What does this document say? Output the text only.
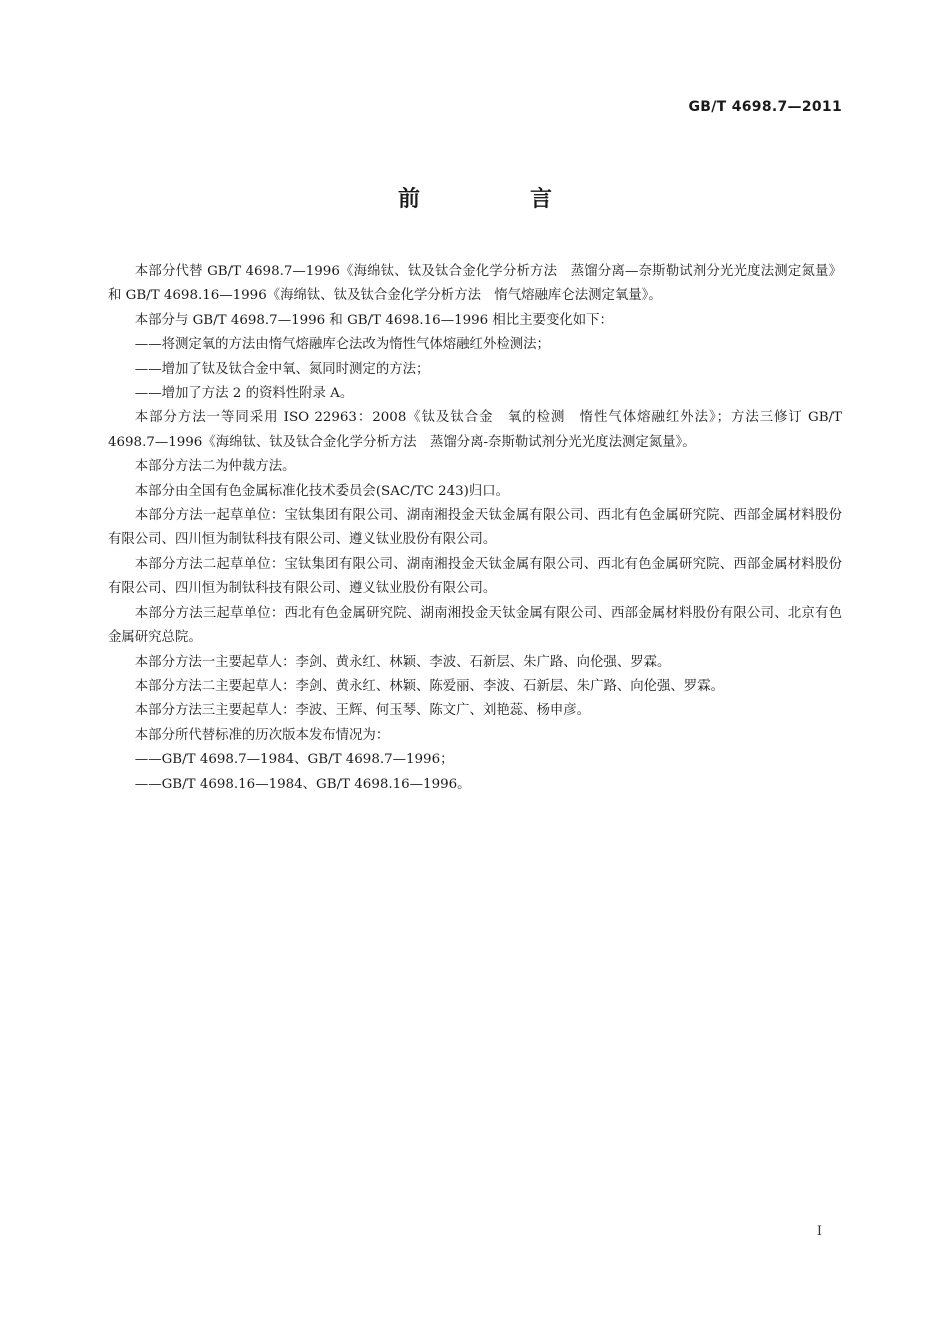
GB/T 4698.7—2011
前　言

本部分代替 GB/T 4698.7—1996《海绵钛、钛及钛合金化学分析方法　蒸馏分离—奈斯勒试剂分光光度法测定氮量》和 GB/T 4698.16—1996《海绵钛、钛及钛合金化学分析方法　惰气熔融库仑法测定氧量》。

本部分与 GB/T 4698.7—1996 和 GB/T 4698.16—1996 相比主要变化如下：

——将测定氧的方法由惰气熔融库仑法改为惰性气体熔融红外检测法；

——增加了钛及钛合金中氧、氮同时测定的方法；

——增加了方法 2 的资料性附录 A。

本部分方法一等同采用 ISO 22963：2008《钛及钛合金　氧的检测　惰性气体熔融红外法》；方法三修订 GB/T 4698.7—1996《海绵钛、钛及钛合金化学分析方法　蒸馏分离-奈斯勒试剂分光光度法测定氮量》。

本部分方法二为仲裁方法。

本部分由全国有色金属标准化技术委员会(SAC/TC 243)归口。

本部分方法一起草单位：宝钛集团有限公司、湖南湘投金天钛金属有限公司、西北有色金属研究院、西部金属材料股份有限公司、四川恒为制钛科技有限公司、遵义钛业股份有限公司。

本部分方法二起草单位：宝钛集团有限公司、湖南湘投金天钛金属有限公司、西北有色金属研究院、西部金属材料股份有限公司、四川恒为制钛科技有限公司、遵义钛业股份有限公司。

本部分方法三起草单位：西北有色金属研究院、湖南湘投金天钛金属有限公司、西部金属材料股份有限公司、北京有色金属研究总院。

本部分方法一主要起草人：李剑、黄永红、林颖、李波、石新层、朱广路、向伦强、罗霖。

本部分方法二主要起草人：李剑、黄永红、林颖、陈爱丽、李波、石新层、朱广路、向伦强、罗霖。

本部分方法三主要起草人：李波、王辉、何玉琴、陈文广、刘艳蕊、杨申彦。

本部分所代替标准的历次版本发布情况为：

——GB/T 4698.7—1984、GB/T 4698.7—1996；

——GB/T 4698.16—1984、GB/T 4698.16—1996。

I
